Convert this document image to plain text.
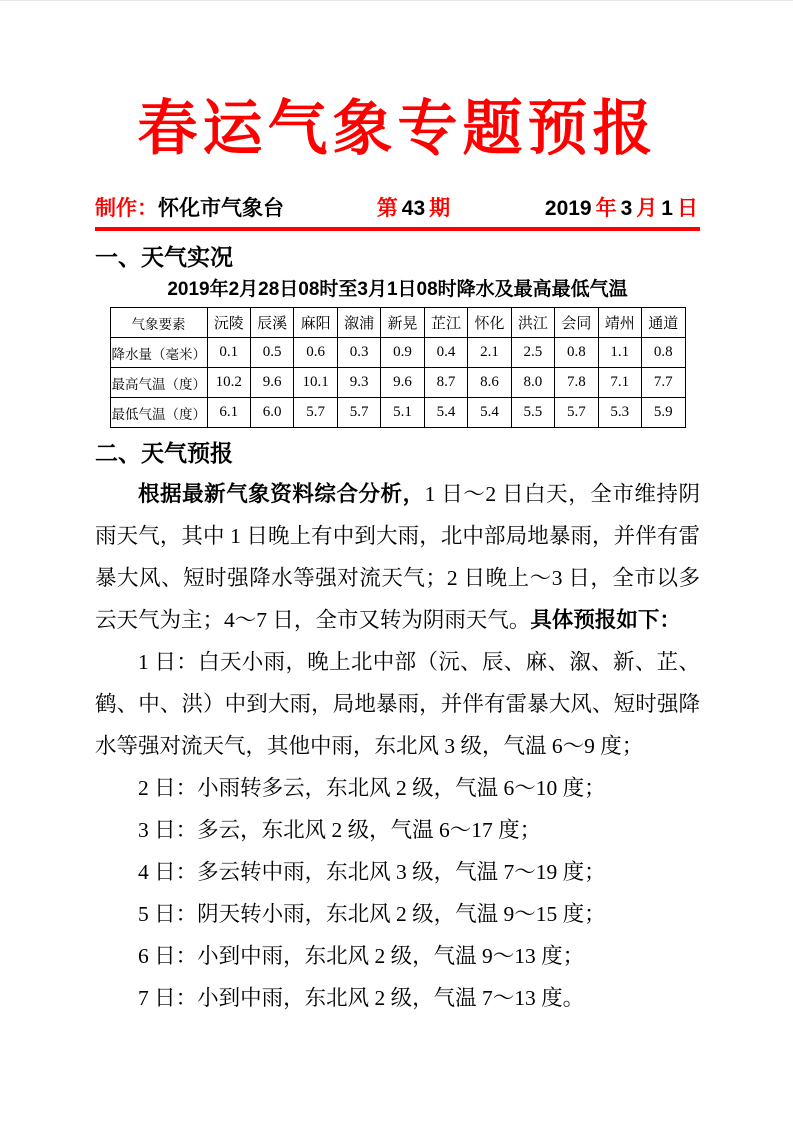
春运气象专题预报
制作：怀化市气象台	第 43 期	2019 年 3 月 1 日
一、天气实况
2019年2月28日08时至3月1日08时降水及最高最低气温
气象要素	沅陵	辰溪	麻阳	溆浦	新晃	芷江	怀化	洪江	会同	靖州	通道
降水量（毫米）	0.1	0.5	0.6	0.3	0.9	0.4	2.1	2.5	0.8	1.1	0.8
最高气温（度）	10.2	9.6	10.1	9.3	9.6	8.7	8.6	8.0	7.8	7.1	7.7
最低气温（度）	6.1	6.0	5.7	5.7	5.1	5.4	5.4	5.5	5.7	5.3	5.9
二、天气预报

根据最新气象资料综合分析，1 日～2 日白天，全市维持阴雨天气，其中 1 日晚上有中到大雨，北中部局地暴雨，并伴有雷暴大风、短时强降水等强对流天气；2 日晚上～3 日，全市以多云天气为主；4～7 日，全市又转为阴雨天气。具体预报如下：

1 日：白天小雨，晚上北中部（沅、辰、麻、溆、新、芷、鹤、中、洪）中到大雨，局地暴雨，并伴有雷暴大风、短时强降水等强对流天气，其他中雨，东北风 3 级，气温 6～9 度；

2 日：小雨转多云，东北风 2 级，气温 6～10 度；

3 日：多云，东北风 2 级，气温 6～17 度；

4 日：多云转中雨，东北风 3 级，气温 7～19 度；

5 日：阴天转小雨，东北风 2 级，气温 9～15 度；

6 日：小到中雨，东北风 2 级，气温 9～13 度；

7 日：小到中雨，东北风 2 级，气温 7～13 度。
